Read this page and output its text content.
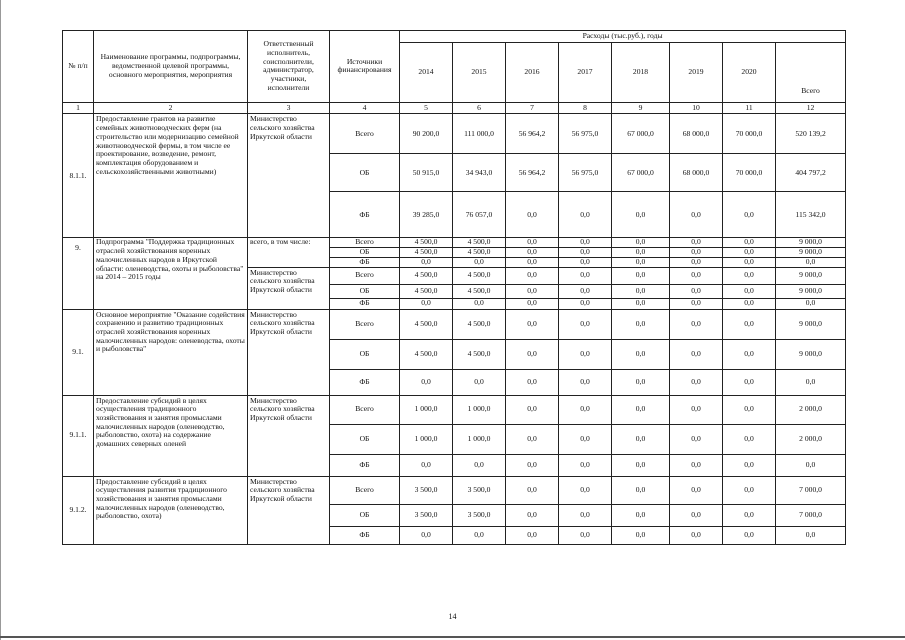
№ п/п	Наименование программы, подпрограммы, ведомственной целевой программы, основного мероприятия, мероприятия	Ответственный исполнитель, соисполнители, администратор, участники, исполнители	Источники финансирования	Расходы (тыс.руб.), годы							
				2014	2015	2016	2017	2018	2019	2020	Всего
1	2	3	4	5	6	7	8	9	10	11	12
8.1.1.	Предоставление грантов на развитие семейных животноводческих ферм (на строительство или модернизацию семейной животноводческой фермы, в том числе ее проектирование, возведение, ремонт, комплектация оборудованием и сельскохозяйственными животными)	Министерство сельского хозяйства Иркутской области	Всего	90 200,0	111 000,0	56 964,2	56 975,0	67 000,0	68 000,0	70 000,0	520 139,2
			ОБ	50 915,0	34 943,0	56 964,2	56 975,0	67 000,0	68 000,0	70 000,0	404 797,2
			ФБ	39 285,0	76 057,0	0,0	0,0	0,0	0,0	0,0	115 342,0
9.	Подпрограмма "Поддержка традиционных отраслей хозяйствования коренных малочисленных народов в Иркутской области: оленеводства, охоты и рыболовства" на 2014 – 2015 годы	всего, в том числе:	Всего	4 500,0	4 500,0	0,0	0,0	0,0	0,0	0,0	9 000,0
			ОБ	4 500,0	4 500,0	0,0	0,0	0,0	0,0	0,0	9 000,0
			ФБ	0,0	0,0	0,0	0,0	0,0	0,0	0,0	0,0
		Министерство сельского хозяйства Иркутской области	Всего	4 500,0	4 500,0	0,0	0,0	0,0	0,0	0,0	9 000,0
			ОБ	4 500,0	4 500,0	0,0	0,0	0,0	0,0	0,0	9 000,0
			ФБ	0,0	0,0	0,0	0,0	0,0	0,0	0,0	0,0
9.1.	Основное мероприятие "Оказание содействия сохранению и развитию традиционных отраслей хозяйствования коренных малочисленных народов: оленеводства, охоты и рыболовства"	Министерство сельского хозяйства Иркутской области	Всего	4 500,0	4 500,0	0,0	0,0	0,0	0,0	0,0	9 000,0
			ОБ	4 500,0	4 500,0	0,0	0,0	0,0	0,0	0,0	9 000,0
			ФБ	0,0	0,0	0,0	0,0	0,0	0,0	0,0	0,0
9.1.1.	Предоставление субсидий в целях осуществления традиционного хозяйствования и занятия промыслами малочисленных народов (оленеводство, рыболовство, охота) на содержание домашних северных оленей	Министерство сельского хозяйства Иркутской области	Всего	1 000,0	1 000,0	0,0	0,0	0,0	0,0	0,0	2 000,0
			ОБ	1 000,0	1 000,0	0,0	0,0	0,0	0,0	0,0	2 000,0
			ФБ	0,0	0,0	0,0	0,0	0,0	0,0	0,0	0,0
9.1.2.	Предоставление субсидий в целях осуществления развития традиционного хозяйствования и занятия промыслами малочисленных народов (оленеводство, рыболовство, охота)	Министерство сельского хозяйства Иркутской области	Всего	3 500,0	3 500,0	0,0	0,0	0,0	0,0	0,0	7 000,0
			ОБ	3 500,0	3 500,0	0,0	0,0	0,0	0,0	0,0	7 000,0
			ФБ	0,0	0,0	0,0	0,0	0,0	0,0	0,0	0,0
14
